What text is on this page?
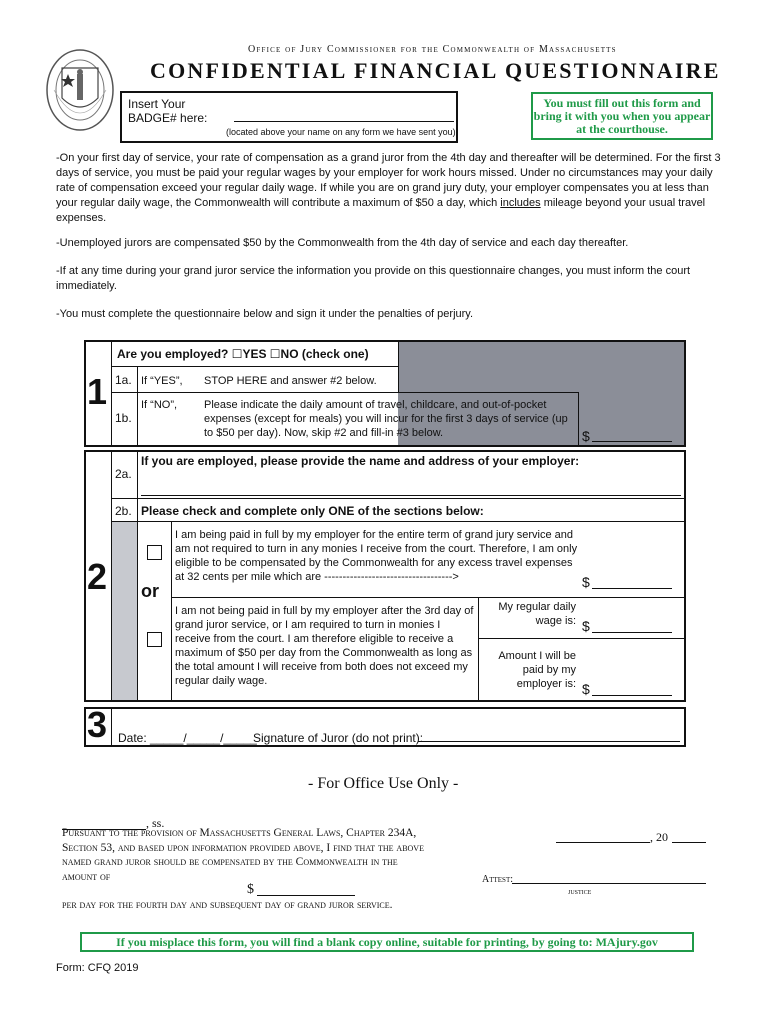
Office of Jury Commissioner for the Commonwealth of Massachusetts
CONFIDENTIAL FINANCIAL QUESTIONNAIRE
Insert Your BADGE# here:
(located above your name on any form we have sent you)
You must fill out this form and bring it with you when you appear at the courthouse.
-On your first day of service, your rate of compensation as a grand juror from the 4th day and thereafter will be determined. For the first 3 days of service, you must be paid your regular wages by your employer for work hours missed. Under no circumstances may your daily rate of compensation exceed your regular daily wage. If while you are on grand jury duty, your employer compensates you at less than your regular daily wage, the Commonwealth will contribute a maximum of $50 a day, which includes mileage beyond your usual travel expenses.
-Unemployed jurors are compensated $50 by the Commonwealth from the 4th day of service and each day thereafter.
-If at any time during your grand juror service the information you provide on this questionnaire changes, you must inform the court immediately.
-You must complete the questionnaire below and sign it under the penalties of perjury.
1
Are you employed? ☐YES ☐NO (check one)
1a. If “YES”, STOP HERE and answer #2 below.
1b.
If “NO”, Please indicate the daily amount of travel, childcare, and out-of-pocket expenses (except for meals) you will incur for the first 3 days of service (up to $50 per day). Now, skip #2 and fill-in #3 below.	$
2
2a.
If you are employed, please provide the name and address of your employer:
2b. Please check and complete only ONE of the sections below:
I am being paid in full by my employer for the entire term of grand jury service and am not required to turn in any monies I receive from the court. Therefore, I am only eligible to be compensated by the Commonwealth for any excess travel expenses at 32 cents per mile which are ----------------------------------->	$
or
I am not being paid in full by my employer after the 3rd day of grand juror service, or I am required to turn in monies I receive from the court. I am therefore eligible to receive a maximum of $50 per day from the Commonwealth as long as the total amount I will receive from both does not exceed my regular daily wage.
My regular daily wage is: $
Amount I will be paid by my employer is: $
3 Date: _____/_____/_____
Signature of Juror (do not print):
- For Office Use Only -
, ss.
Pursuant to the provision of Massachusetts General Laws, Chapter 234A, Section 53, and based upon information provided above, I find that the above named grand juror should be compensated by the Commonwealth in the amount of
$
per day for the fourth day and subsequent day of grand juror service.
, 20
Attest:
justice
If you misplace this form, you will find a blank copy online, suitable for printing, by going to: MAjury.gov
Form: CFQ 2019
